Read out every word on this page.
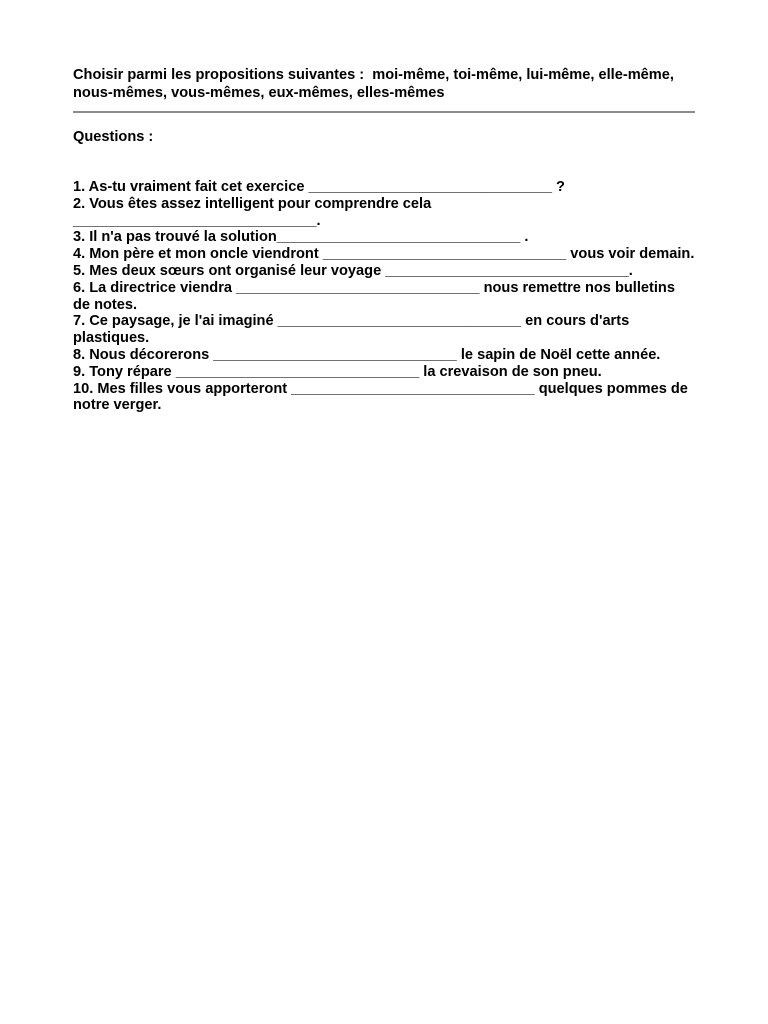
Choisir parmi les propositions suivantes :  moi-même, toi-même, lui-même, elle-même, nous-mêmes, vous-mêmes, eux-mêmes, elles-mêmes

Questions :

1. As-tu vraiment fait cet exercice ______________________________ ?
2. Vous êtes assez intelligent pour comprendre cela
______________________________.
3. Il n'a pas trouvé la solution______________________________ .
4. Mon père et mon oncle viendront ______________________________ vous voir demain.
5. Mes deux sœurs ont organisé leur voyage ______________________________.
6. La directrice viendra ______________________________ nous remettre nos bulletins de notes.
7. Ce paysage, je l'ai imaginé ______________________________ en cours d'arts plastiques.
8. Nous décorerons ______________________________ le sapin de Noël cette année.
9. Tony répare ______________________________ la crevaison de son pneu.
10. Mes filles vous apporteront ______________________________ quelques pommes de notre verger.
